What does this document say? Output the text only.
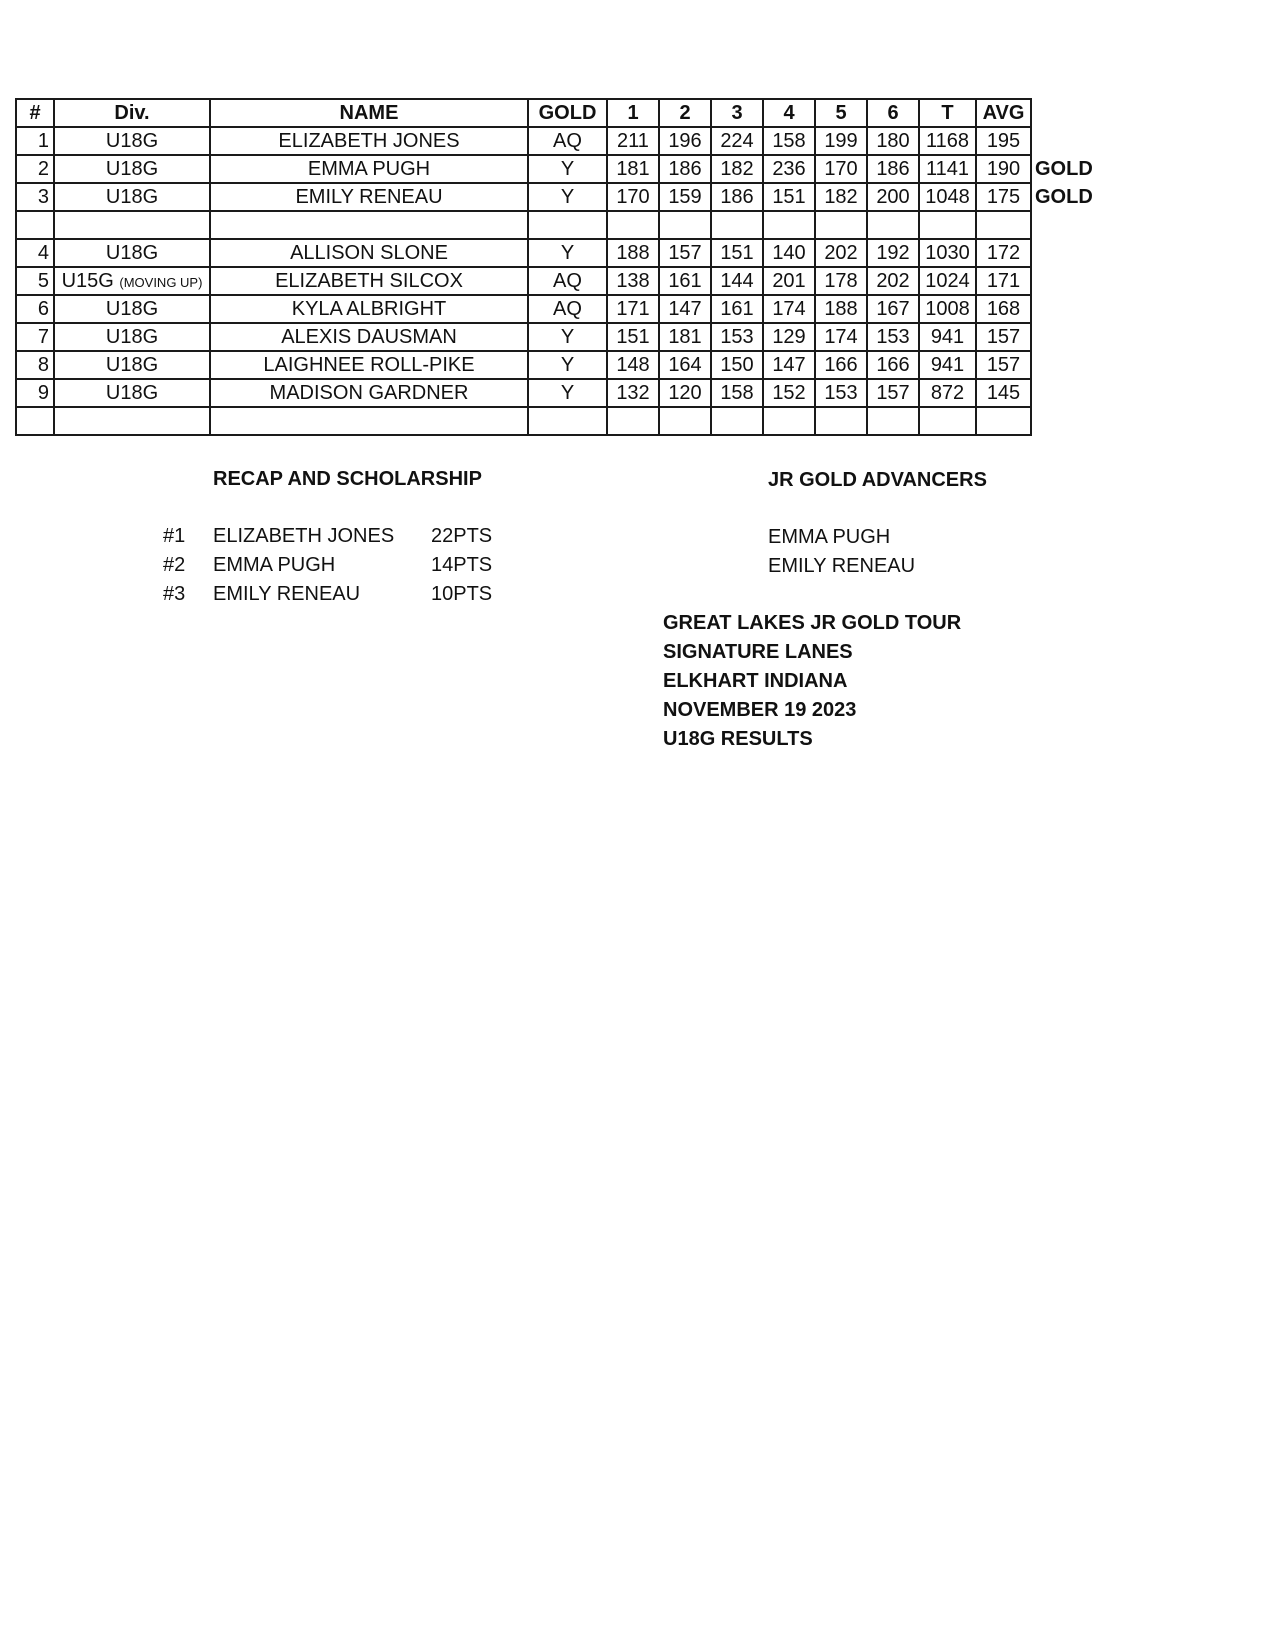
#	Div.	NAME	GOLD	1	2	3	4	5	6	T	AVG	
1	U18G	ELIZABETH JONES	AQ	211	196	224	158	199	180	1168	195	
2	U18G	EMMA PUGH	Y	181	186	182	236	170	186	1141	190	GOLD
3	U18G	EMILY RENEAU	Y	170	159	186	151	182	200	1048	175	GOLD

4	U18G	ALLISON SLONE	Y	188	157	151	140	202	192	1030	172	
5	U15G (MOVING UP)	ELIZABETH SILCOX	AQ	138	161	144	201	178	202	1024	171	
6	U18G	KYLA ALBRIGHT	AQ	171	147	161	174	188	167	1008	168	
7	U18G	ALEXIS DAUSMAN	Y	151	181	153	129	174	153	941	157	
8	U18G	LAIGHNEE ROLL-PIKE	Y	148	164	150	147	166	166	941	157	
9	U18G	MADISON GARDNER	Y	132	120	158	152	153	157	872	145	

RECAP AND SCHOLARSHIP
#1 ELIZABETH JONES 22PTS
#2 EMMA PUGH	14PTS
#3 EMILY RENEAU	10PTS
JR GOLD ADVANCERS
EMMA PUGH
EMILY RENEAU
GREAT LAKES JR GOLD TOUR
SIGNATURE LANES
ELKHART INDIANA
NOVEMBER 19 2023
U18G RESULTS
